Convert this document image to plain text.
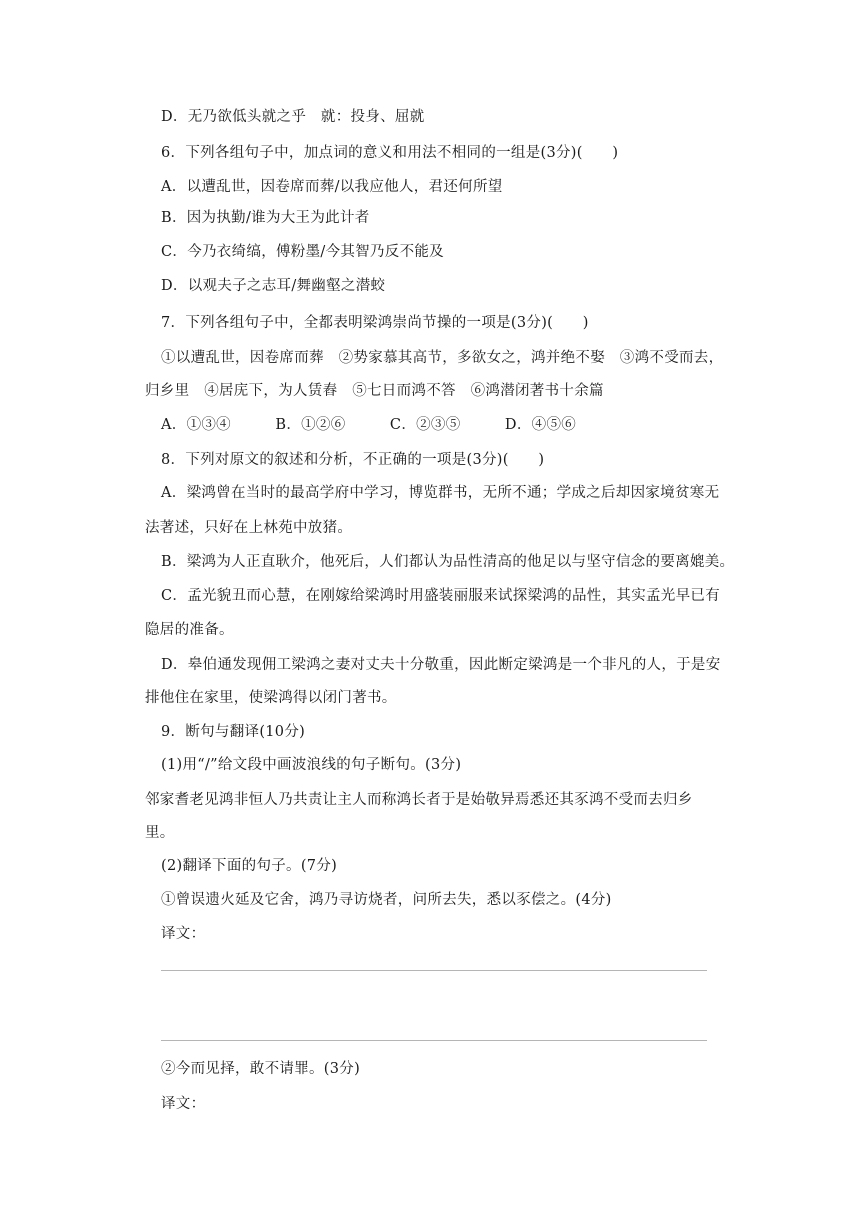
D．无乃欲低头就之乎　就：投身、屈就
6．下列各组句子中，加点词的意义和用法不相同的一组是(3分)(　　)
A．以遭乱世，因卷席而葬/以我应他人，君还何所望
B．因为执勤/谁为大王为此计者
C．今乃衣绮缟，傅粉墨/今其智乃反不能及
D．以观夫子之志耳/舞幽壑之潜蛟
7．下列各组句子中，全都表明梁鸿崇尚节操的一项是(3分)(　　)
①以遭乱世，因卷席而葬　②势家慕其高节，多欲女之，鸿并绝不娶　③鸿不受而去，
归乡里　④居庑下，为人赁舂　⑤七日而鸿不答　⑥鸿潜闭著书十余篇
A．①③④　　　B．①②⑥　　　C．②③⑤　　　D．④⑤⑥
8．下列对原文的叙述和分析，不正确的一项是(3分)(　　)
A．梁鸿曾在当时的最高学府中学习，博览群书，无所不通；学成之后却因家境贫寒无
法著述，只好在上林苑中放猪。
B．梁鸿为人正直耿介，他死后，人们都认为品性清高的他足以与坚守信念的要离媲美。
C．孟光貌丑而心慧，在刚嫁给梁鸿时用盛装丽服来试探梁鸿的品性，其实孟光早已有
隐居的准备。
D．皋伯通发现佣工梁鸿之妻对丈夫十分敬重，因此断定梁鸿是一个非凡的人，于是安
排他住在家里，使梁鸿得以闭门著书。
9．断句与翻译(10分)
(1)用“/”给文段中画波浪线的句子断句。(3分)
邻家耆老见鸿非恒人乃共责让主人而称鸿长者于是始敬异焉悉还其豕鸿不受而去归乡
里。
(2)翻译下面的句子。(7分)
①曾误遗火延及它舍，鸿乃寻访烧者，问所去失，悉以豕偿之。(4分)
译文：
②今而见择，敢不请罪。(3分)
译文：
